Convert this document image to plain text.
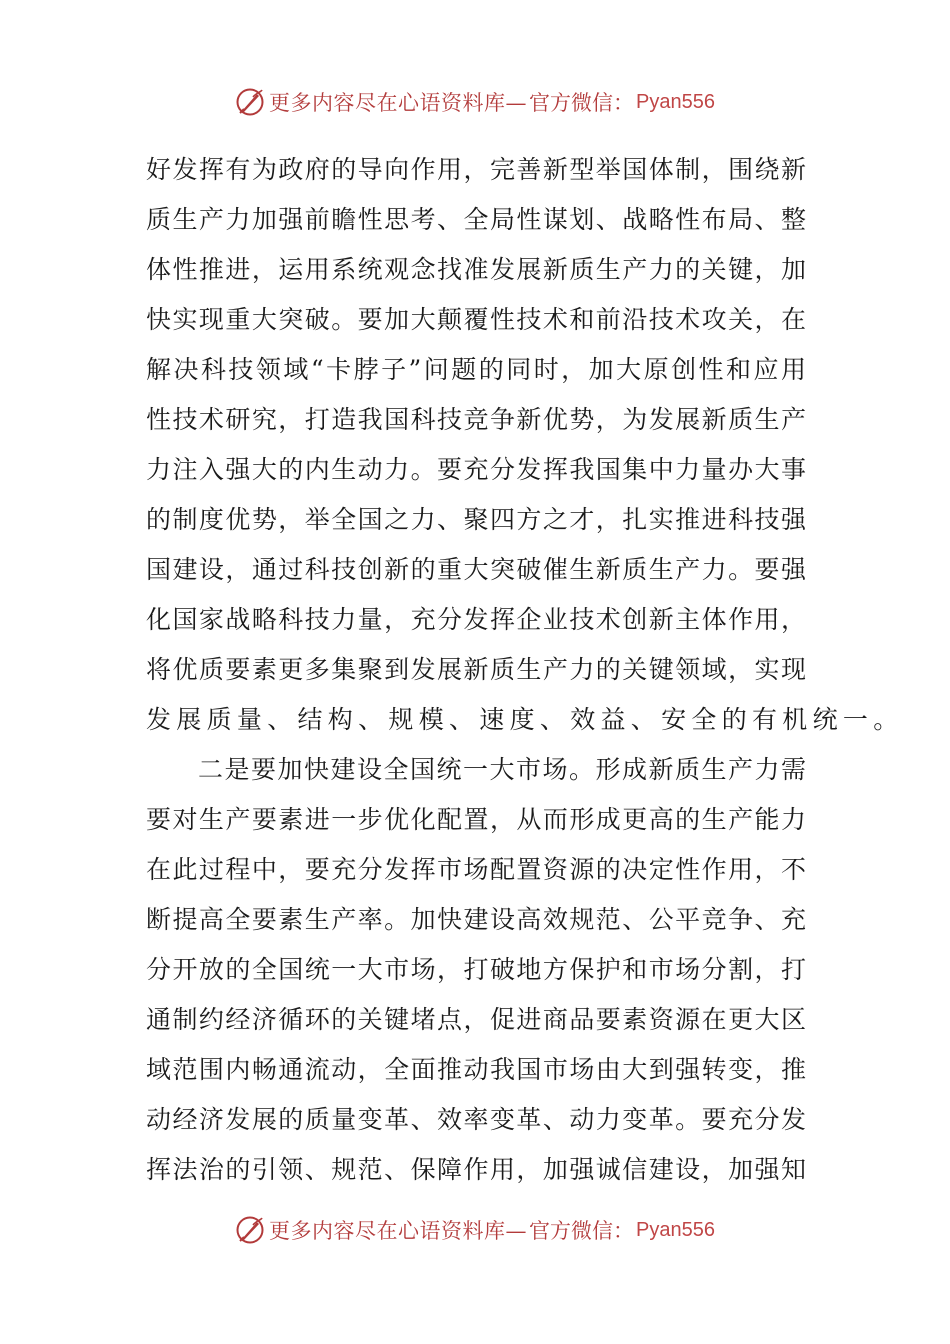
更多内容尽在心语资料库— 官方微信： Pyan556
好发挥有为政府的导向作用，完善新型举国体制，围绕新
质生产力加强前瞻性思考、全局性谋划、战略性布局、整
体性推进，运用系统观念找准发展新质生产力的关键，加
快实现重大突破。要加大颠覆性技术和前沿技术攻关，在
解决科技领域“卡脖子”问题的同时，加大原创性和应用
性技术研究，打造我国科技竞争新优势，为发展新质生产
力注入强大的内生动力。要充分发挥我国集中力量办大事
的制度优势，举全国之力、聚四方之才，扎实推进科技强
国建设，通过科技创新的重大突破催生新质生产力。要强
化国家战略科技力量，充分发挥企业技术创新主体作用，
将优质要素更多集聚到发展新质生产力的关键领域，实现
发展质量、结构、规模、速度、效益、安全的有机统一。
二是要加快建设全国统一大市场。形成新质生产力需
要对生产要素进一步优化配置，从而形成更高的生产能力
在此过程中，要充分发挥市场配置资源的决定性作用，不
断提高全要素生产率。加快建设高效规范、公平竞争、充
分开放的全国统一大市场，打破地方保护和市场分割，打
通制约经济循环的关键堵点，促进商品要素资源在更大区
域范围内畅通流动，全面推动我国市场由大到强转变，推
动经济发展的质量变革、效率变革、动力变革。要充分发
挥法治的引领、规范、保障作用，加强诚信建设，加强知
更多内容尽在心语资料库— 官方微信： Pyan556
